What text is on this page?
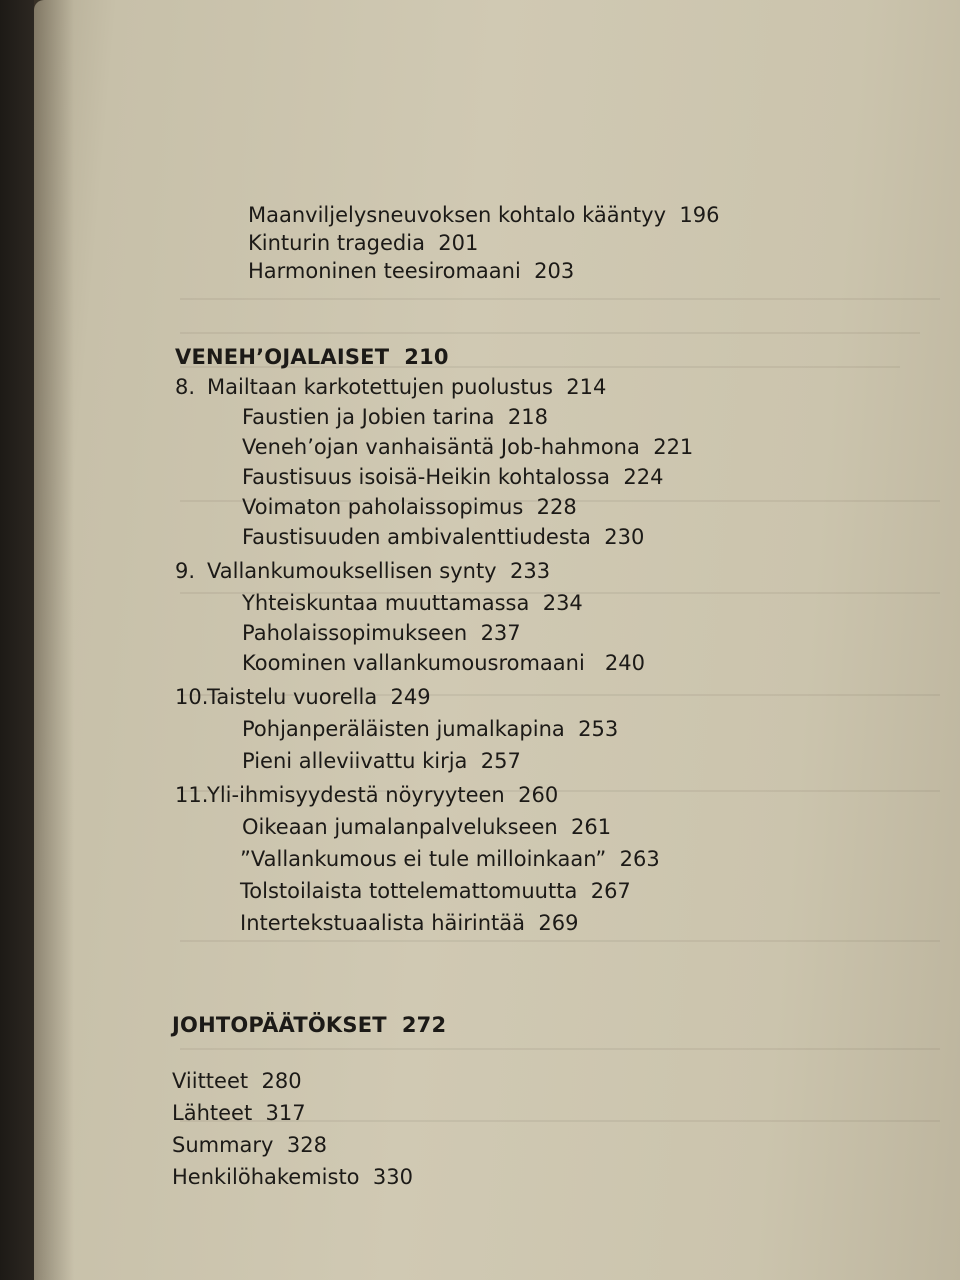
Maanviljelysneuvoksen kohtalo kääntyy 196
Kinturin tragedia 201
Harmoninen teesiromaani 203
VENEH’OJALAISET 210
8. Mailtaan karkotettujen puolustus 214
Faustien ja Jobien tarina 218
Veneh’ojan vanhaisäntä Job-hahmona 221
Faustisuus isoisä-Heikin kohtalossa 224
Voimaton paholaissopimus 228
Faustisuuden ambivalenttiudesta 230
9. Vallankumouksellisen synty 233
Yhteiskuntaa muuttamassa 234
Paholaissopimukseen 237
Koominen vallankumousromaani 240
10.Taistelu vuorella 249
Pohjanperäläisten jumalkapina 253
Pieni alleviivattu kirja 257
11.Yli-ihmisyydestä nöyryyteen 260
Oikeaan jumalanpalvelukseen 261
”Vallankumous ei tule milloinkaan” 263
Tolstoilaista tottelemattomuutta 267
Intertekstuaalista häirintää 269
JOHTOPÄÄTÖKSET 272
Viitteet 280
Lähteet 317
Summary 328
Henkilöhakemisto 330
